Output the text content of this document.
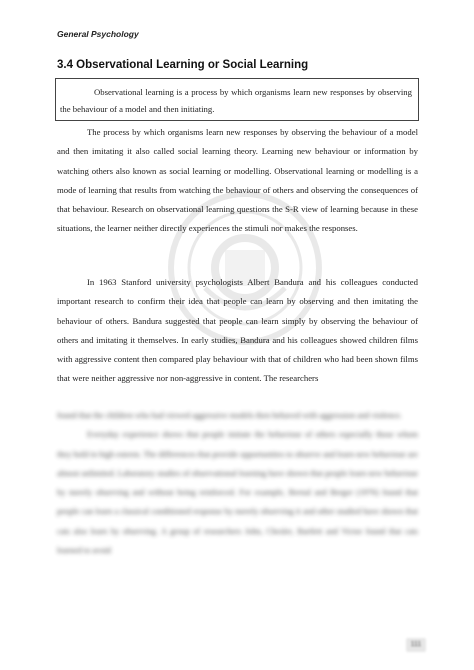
General Psychology
3.4 Observational Learning or Social Learning
Observational learning is a process by which organisms learn new responses by observing the behaviour of a model and then initiating.
The process by which organisms learn new responses by observing the behaviour of a model and then imitating it also called social learning theory. Learning new behaviour or information by watching others also known as social learning or modelling. Observational learning or modelling is a mode of learning that results from watching the behaviour of others and observing the consequences of that behaviour. Research on observational learning questions the S-R view of learning because in these situations, the learner neither directly experiences the stimuli nor makes the responses.
In 1963 Stanford university psychologists Albert Bandura and his colleagues conducted important research to confirm their idea that people can learn by observing and then imitating the behaviour of others. Bandura suggested that people can learn simply by observing the behaviour of others and imitating it themselves. In early studies, Bandura and his colleagues showed children films with aggressive content then compared play behaviour with that of children who had been shown films that were neither aggressive nor non-aggressive in content. The researchers

found that the children who had viewed aggressive models then behaved with aggression and violence.

Everyday experience shows that people imitate the behaviour of others especially those whom they hold in high esteem. The differences that provide opportunities to observe and learn new behaviour are almost unlimited. Laboratory studies of observational learning have shown that people learn new behaviour by merely observing and without being reinforced. For example, Bernal and Berger (1976) found that people can learn a classical conditioned response by merely observing it and other studied have shown that cats also learn by observing. A group of researchers John, Chesler, Bartlett and Victor found that cats learned to avoid

111
